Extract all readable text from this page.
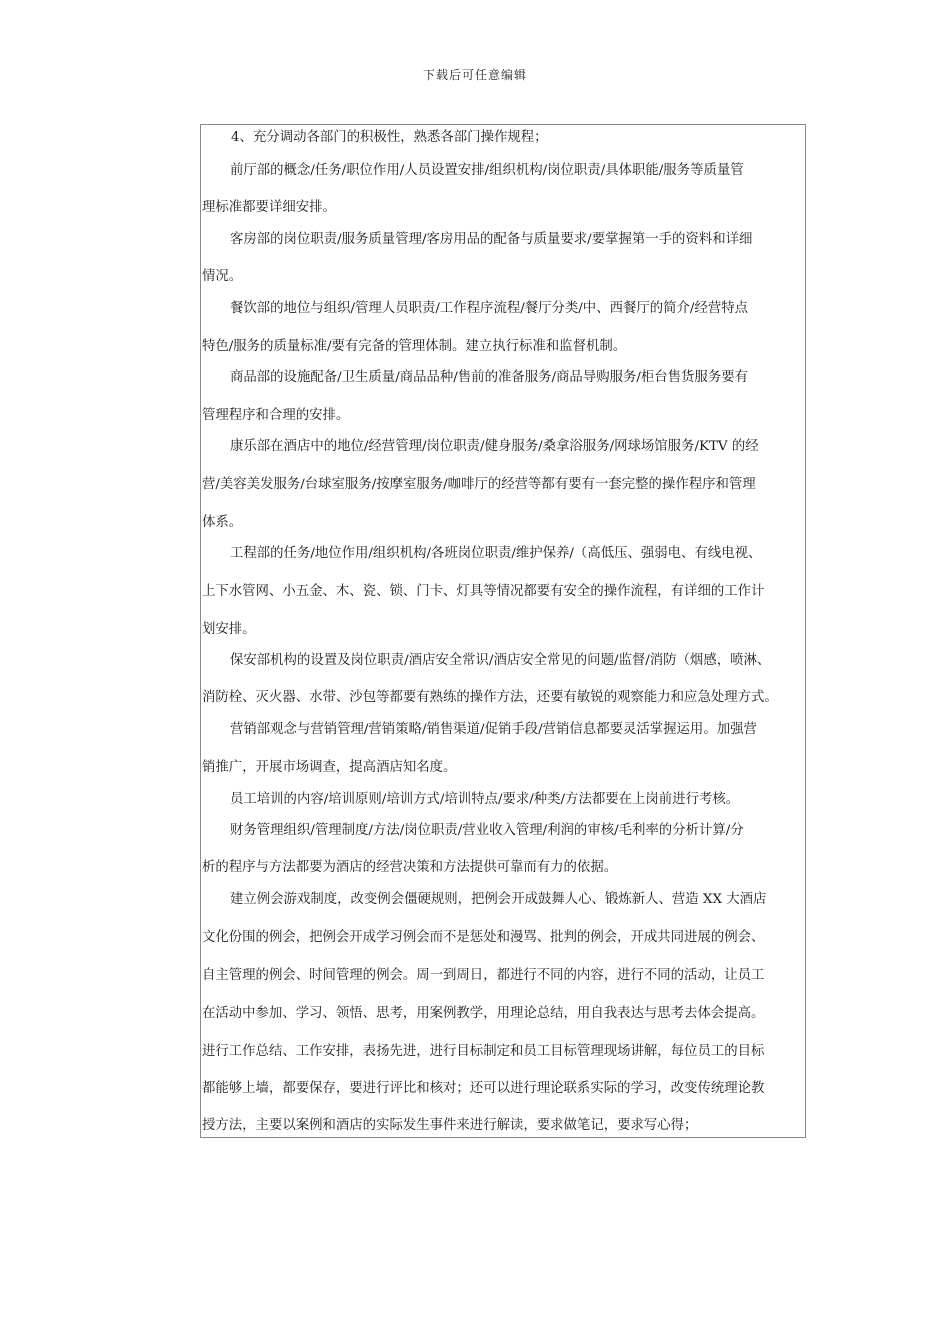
下载后可任意编辑
4、充分调动各部门的积极性，熟悉各部门操作规程；
前厅部的概念/任务/职位作用/人员设置安排/组织机构/岗位职责/具体职能/服务等质量管
理标准都要详细安排。
客房部的岗位职责/服务质量管理/客房用品的配备与质量要求/要掌握第一手的资料和详细
情况。
餐饮部的地位与组织/管理人员职责/工作程序流程/餐厅分类/中、西餐厅的简介/经营特点
特色/服务的质量标准/要有完备的管理体制。建立执行标准和监督机制。
商品部的设施配备/卫生质量/商品品种/售前的准备服务/商品导购服务/柜台售货服务要有
管理程序和合理的安排。
康乐部在酒店中的地位/经营管理/岗位职责/健身服务/桑拿浴服务/网球场馆服务/KTV 的经
营/美容美发服务/台球室服务/按摩室服务/咖啡厅的经营等都有要有一套完整的操作程序和管理
体系。
工程部的任务/地位作用/组织机构/各班岗位职责/维护保养/（高低压、强弱电、有线电视、
上下水管网、小五金、木、瓷、锁、门卡、灯具等情况都要有安全的操作流程，有详细的工作计
划安排。
保安部机构的设置及岗位职责/酒店安全常识/酒店安全常见的问题/监督/消防（烟感，喷淋、
消防栓、灭火器、水带、沙包等都要有熟练的操作方法，还要有敏锐的观察能力和应急处理方式。
营销部观念与营销管理/营销策略/销售渠道/促销手段/营销信息都要灵活掌握运用。加强营
销推广，开展市场调查，提高酒店知名度。
员工培训的内容/培训原则/培训方式/培训特点/要求/种类/方法都要在上岗前进行考核。
财务管理组织/管理制度/方法/岗位职责/营业收入管理/利润的审核/毛利率的分析计算/分
析的程序与方法都要为酒店的经营决策和方法提供可靠而有力的依据。
建立例会游戏制度，改变例会僵硬规则，把例会开成鼓舞人心、锻炼新人、营造 XX 大酒店
文化份围的例会，把例会开成学习例会而不是惩处和漫骂、批判的例会，开成共同进展的例会、
自主管理的例会、时间管理的例会。周一到周日，都进行不同的内容，进行不同的活动，让员工
在活动中参加、学习、领悟、思考，用案例教学，用理论总结，用自我表达与思考去体会提高。
进行工作总结、工作安排，表扬先进，进行目标制定和员工目标管理现场讲解，每位员工的目标
都能够上墙，都要保存，要进行评比和核对；还可以进行理论联系实际的学习，改变传统理论教
授方法，主要以案例和酒店的实际发生事件来进行解读，要求做笔记，要求写心得；
